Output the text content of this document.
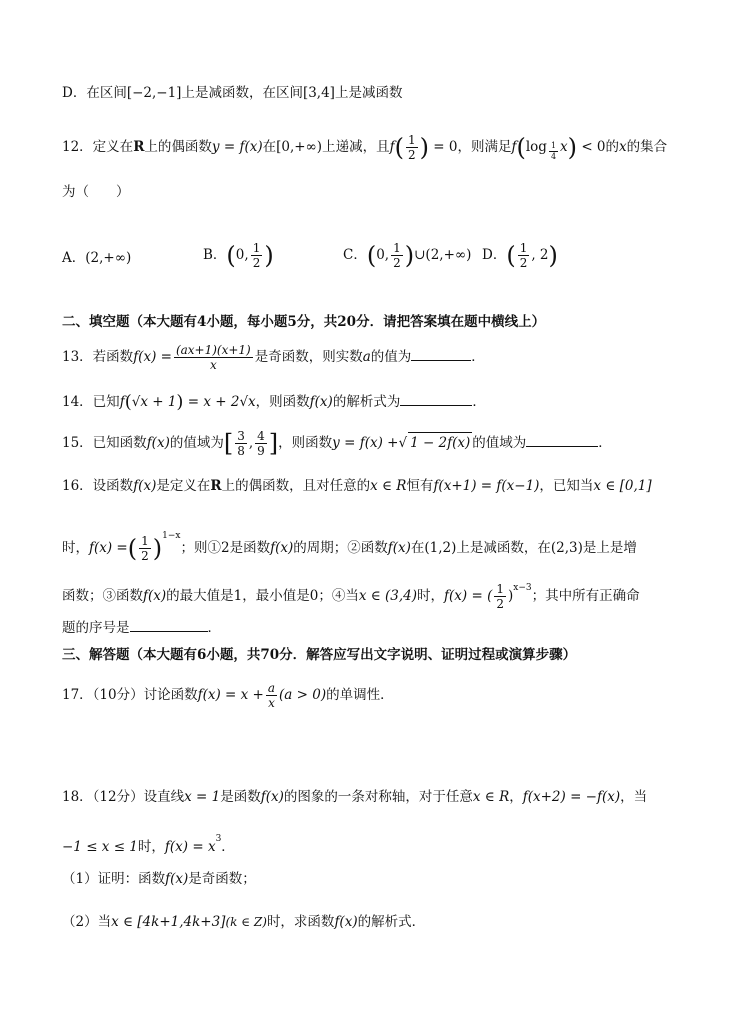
D．在区间[−2,−1]上是减函数，在区间[3,4]上是减函数
12．定义在R上的偶函数y = f(x)在[0,+∞)上递减，且$f( \frac{1}{2}$ ) = 0，则满足$f(\log \frac{1}{4} x) < 0$的x的集合
为（　　）
A．(2,+∞)	B．(0, $\frac{1}{2}$ )	C．(0, $\frac{1}{2}$ )∪(2,+∞) D．( $\frac{1}{2}$ , 2)
二、填空题（本大题有4小题，每小题5分，共20分．请把答案填在题中横线上）
13．若函数$f(x) = \frac{(ax+1)(x+1)}{x}$ 是奇函数，则实数a的值为	．
14．已知f(√x + 1) = x + 2√x，则函数f(x)的解析式为	．
15．已知函数f(x)的值域为[ $\frac{3}{8}$ , $\frac{4}{9}$ ]，则函数y = f(x) +√ 1 − 2f(x) 的值域为	．
16．设函数f(x)是定义在R上的偶函数，且对任意的x ∈ R恒有f(x+1) = f(x−1)，已知当x ∈ [0,1]
时，f(x) =( $\frac{1}{2} )^{1-x}$；则①2是函数f(x)的周期；②函数f(x)在(1,2)上是减函数，在(2,3)是上是增
函数；③函数f(x)的最大值是1，最小值是0；④当x ∈ (3,4)时，f(x) = ( $\frac{1}{2} )^{x-3}$；其中所有正确命
题的序号是	．
三、解答题（本大题有6小题，共70分．解答应写出文字说明、证明过程或演算步骤）
17．（10分）讨论函数$f(x) = x + \frac{a}{x} (a > 0)$的单调性．
18．（12分）设直线x = 1是函数f(x)的图象的一条对称轴，对于任意x ∈ R，f(x+2) = −f(x)，当
−1 ≤ x ≤ 1时，$f(x) = x^3$．
（1）证明：函数f(x)是奇函数；
（2）当x ∈ [4k+1,4k+3](k ∈ Z)时，求函数f(x)的解析式．
